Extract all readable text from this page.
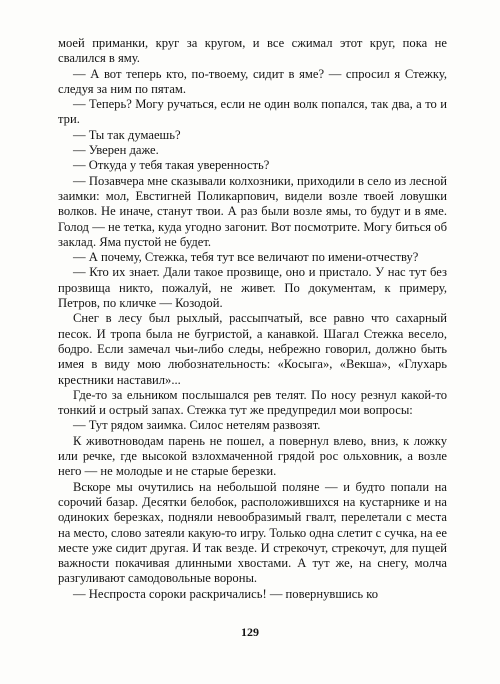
моей приманки, круг за кругом, и все сжимал этот круг, пока не свалился в яму.

— А вот теперь кто, по-твоему, сидит в яме? — спросил я Стежку, следуя за ним по пятам.

— Теперь? Могу ручаться, если не один волк попался, так два, а то и три.

— Ты так думаешь?

— Уверен даже.

— Откуда у тебя такая уверенность?

— Позавчера мне сказывали колхозники, приходили в село из лесной заимки: мол, Евстигней Поликарпович, видели возле твоей ловушки волков. Не иначе, станут твои. А раз были возле ямы, то будут и в яме. Голод — не тетка, куда угодно загонит. Вот посмотрите. Могу биться об заклад. Яма пустой не будет.

— А почему, Стежка, тебя тут все величают по имени-отчеству?

— Кто их знает. Дали такое прозвище, оно и пристало. У нас тут без прозвища никто, пожалуй, не живет. По документам, к примеру, Петров, по кличке — Козодой.

Снег в лесу был рыхлый, рассыпчатый, все равно что сахарный песок. И тропа была не бугристой, а канавкой. Шагал Стежка весело, бодро. Если замечал чьи-либо следы, небрежно говорил, должно быть имея в виду мою любознательность: «Косыга», «Векша», «Глухарь крестники наставил»...

Где-то за ельником послышался рев телят. По носу резнул какой-то тонкий и острый запах. Стежка тут же предупредил мои вопросы:

— Тут рядом заимка. Силос нетелям развозят.

К животноводам парень не пошел, а повернул влево, вниз, к ложку или речке, где высокой взлохмаченной грядой рос ольховник, а возле него — не молодые и не старые березки.

Вскоре мы очутились на небольшой поляне — и будто попали на сорочий базар. Десятки белобок, расположившихся на кустарнике и на одиноких березках, подняли невообразимый гвалт, перелетали с места на место, слово затеяли какую-то игру. Только одна слетит с сучка, на ее месте уже сидит другая. И так везде. И стрекочут, стрекочут, для пущей важности покачивая длинными хвостами. А тут же, на снегу, молча разгуливают самодовольные вороны.

— Неспроста сороки раскричались! — повернувшись ко

129
